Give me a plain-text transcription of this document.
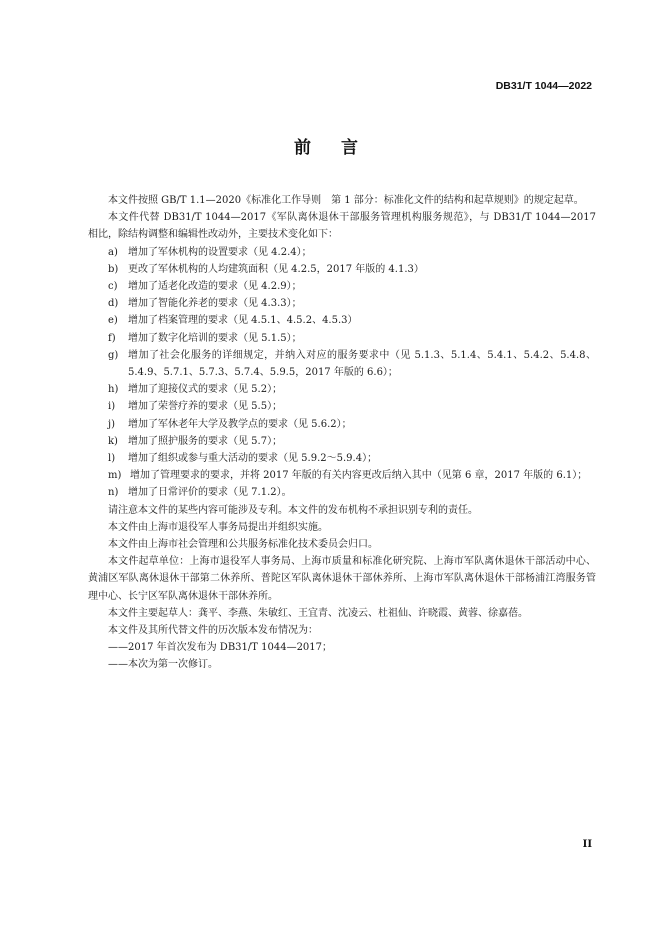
DB31/T 1044—2022
前言

本文件按照 GB/T 1.1—2020《标准化工作导则　第 1 部分：标准化文件的结构和起草规则》的规定起草。

本文件代替 DB31/T 1044—2017《军队离休退休干部服务管理机构服务规范》，与 DB31/T 1044—2017 相比，除结构调整和编辑性改动外，主要技术变化如下：

a)	增加了军休机构的设置要求（见 4.2.4）；
b) 更改了军休机构的人均建筑面积（见 4.2.5，2017 年版的 4.1.3）
c)	增加了适老化改造的要求（见 4.2.9）；
d) 增加了智能化养老的要求（见 4.3.3）；
e)	增加了档案管理的要求（见 4.5.1、4.5.2、4.5.3）
f)	增加了数字化培训的要求（见 5.1.5）；
g) 增加了社会化服务的详细规定，并纳入对应的服务要求中（见 5.1.3、5.1.4、5.4.1、5.4.2、5.4.8、5.4.9、5.7.1、5.7.3、5.7.4、5.9.5，2017 年版的 6.6）；
h) 增加了迎接仪式的要求（见 5.2）；
i)	增加了荣誉疗养的要求（见 5.5）；
j)	增加了军休老年大学及教学点的要求（见 5.6.2）；
k)	增加了照护服务的要求（见 5.7）；
l)	增加了组织或参与重大活动的要求（见 5.9.2～5.9.4）；
m) 增加了管理要求的要求，并将 2017 年版的有关内容更改后纳入其中（见第 6 章，2017 年版的 6.1）；
n) 增加了日常评价的要求（见 7.1.2）。

请注意本文件的某些内容可能涉及专利。本文件的发布机构不承担识别专利的责任。

本文件由上海市退役军人事务局提出并组织实施。

本文件由上海市社会管理和公共服务标准化技术委员会归口。

本文件起草单位：上海市退役军人事务局、上海市质量和标准化研究院、上海市军队离休退休干部活动中心、黄浦区军队离休退休干部第二休养所、普陀区军队离休退休干部休养所、上海市军队离休退休干部杨浦江湾服务管理中心、长宁区军队离休退休干部休养所。

本文件主要起草人：龚平、李燕、朱敏红、王宜青、沈凌云、杜祖仙、许晓霞、黄蓉、徐嘉蓓。

本文件及其所代替文件的历次版本发布情况为：

——2017 年首次发布为 DB31/T 1044—2017；

——本次为第一次修订。

II
